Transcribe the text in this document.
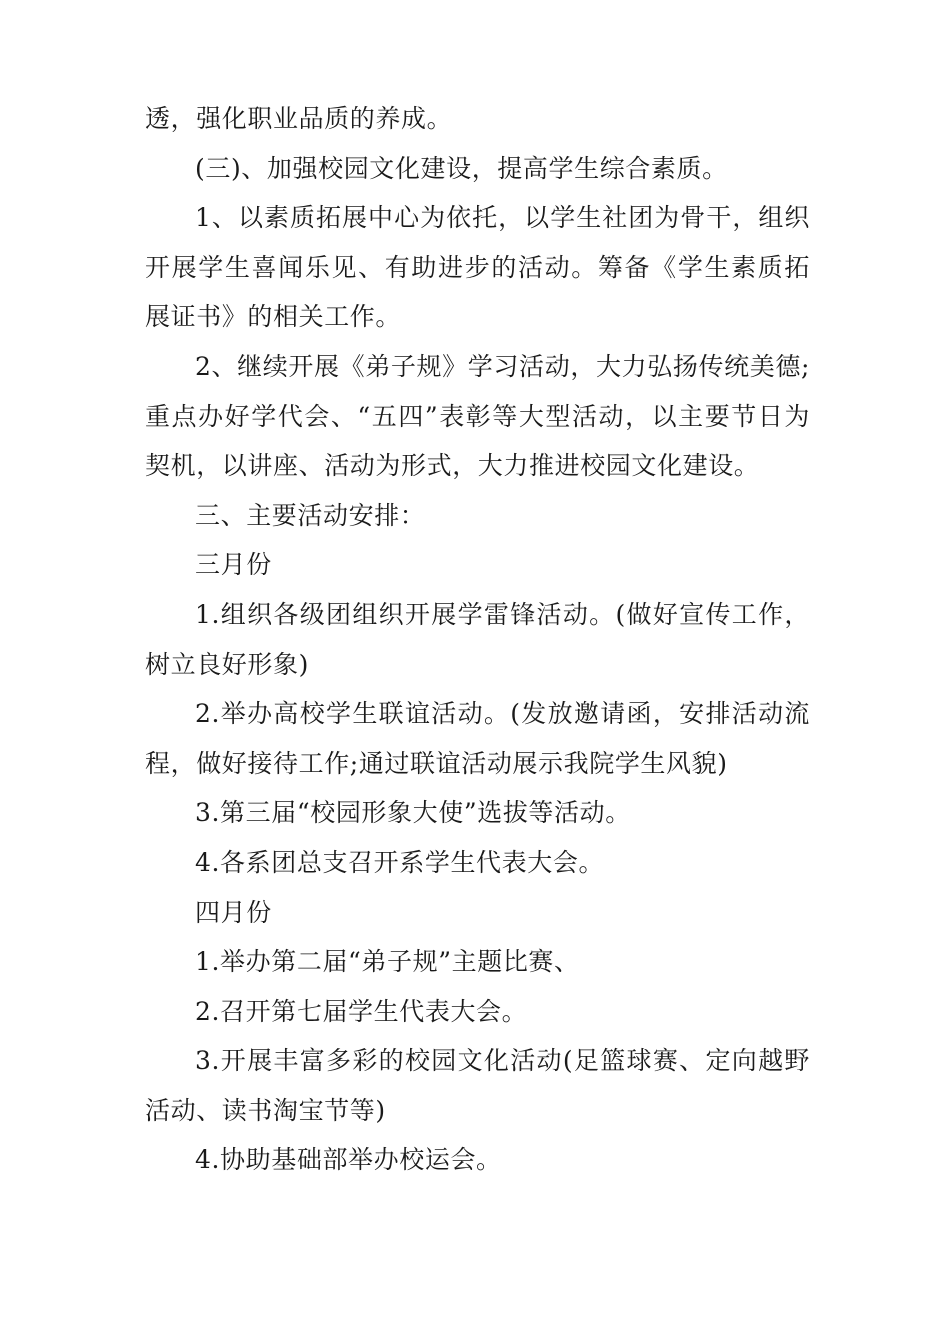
透，强化职业品质的养成。

(三)、加强校园文化建设，提高学生综合素质。

1、以素质拓展中心为依托，以学生社团为骨干，组织开展学生喜闻乐见、有助进步的活动。筹备《学生素质拓展证书》的相关工作。

2、继续开展《弟子规》学习活动，大力弘扬传统美德;重点办好学代会、“五四”表彰等大型活动，以主要节日为契机，以讲座、活动为形式，大力推进校园文化建设。

三、主要活动安排：

三月份

1.组织各级团组织开展学雷锋活动。(做好宣传工作，树立良好形象)

2.举办高校学生联谊活动。(发放邀请函，安排活动流程，做好接待工作;通过联谊活动展示我院学生风貌)

3.第三届“校园形象大使”选拔等活动。

4.各系团总支召开系学生代表大会。

四月份

1.举办第二届“弟子规”主题比赛、

2.召开第七届学生代表大会。

3.开展丰富多彩的校园文化活动(足篮球赛、定向越野活动、读书淘宝节等)

4.协助基础部举办校运会。
